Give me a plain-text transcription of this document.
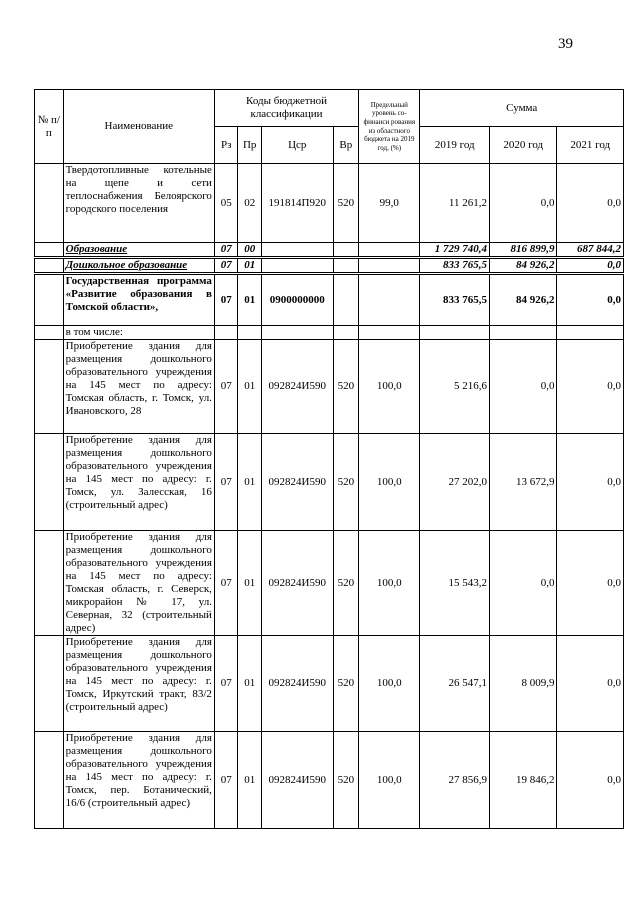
39
№ п/п	Наименование	Коды бюджетной классификации				Предельный уровень со-финанси рования из областного бюджета на 2019 год, (%)	Сумма		
		Рз	Пр	Цср	Вр		2019 год	2020 год	2021 год
	Твердотопливные котельные на щепе и сети теплоснабжения Белоярского городского поселения	05	02	191814П920	520	99,0	11 261,2	0,0	0,0
	Образование	07	00				1 729 740,4	816 899,9	687 844,2
	Дошкольное образование	07	01				833 765,5	84 926,2	0,0
	Государственная программа «Развитие образования в Томской области»,	07	01	0900000000			833 765,5	84 926,2	0,0
	в том числе:								
	Приобретение здания для размещения дошкольного образовательного учреждения на 145 мест по адресу: Томская область, г. Томск, ул. Ивановского, 28	07	01	092824И590	520	100,0	5 216,6	0,0	0,0
	Приобретение здания для размещения дошкольного образовательного учреждения на 145 мест по адресу: г. Томск, ул. Залесская, 16 (строительный адрес)	07	01	092824И590	520	100,0	27 202,0	13 672,9	0,0
	Приобретение здания для размещения дошкольного образовательного учреждения на 145 мест по адресу: Томская область, г. Северск, микрорайон № 17, ул. Северная, 32 (строительный адрес)	07	01	092824И590	520	100,0	15 543,2	0,0	0,0
	Приобретение здания для размещения дошкольного образовательного учреждения на 145 мест по адресу: г. Томск, Иркутский тракт, 83/2 (строительный адрес)	07	01	092824И590	520	100,0	26 547,1	8 009,9	0,0
	Приобретение здания для размещения дошкольного образовательного учреждения на 145 мест по адресу: г. Томск, пер. Ботанический, 16/6 (строительный адрес)	07	01	092824И590	520	100,0	27 856,9	19 846,2	0,0
